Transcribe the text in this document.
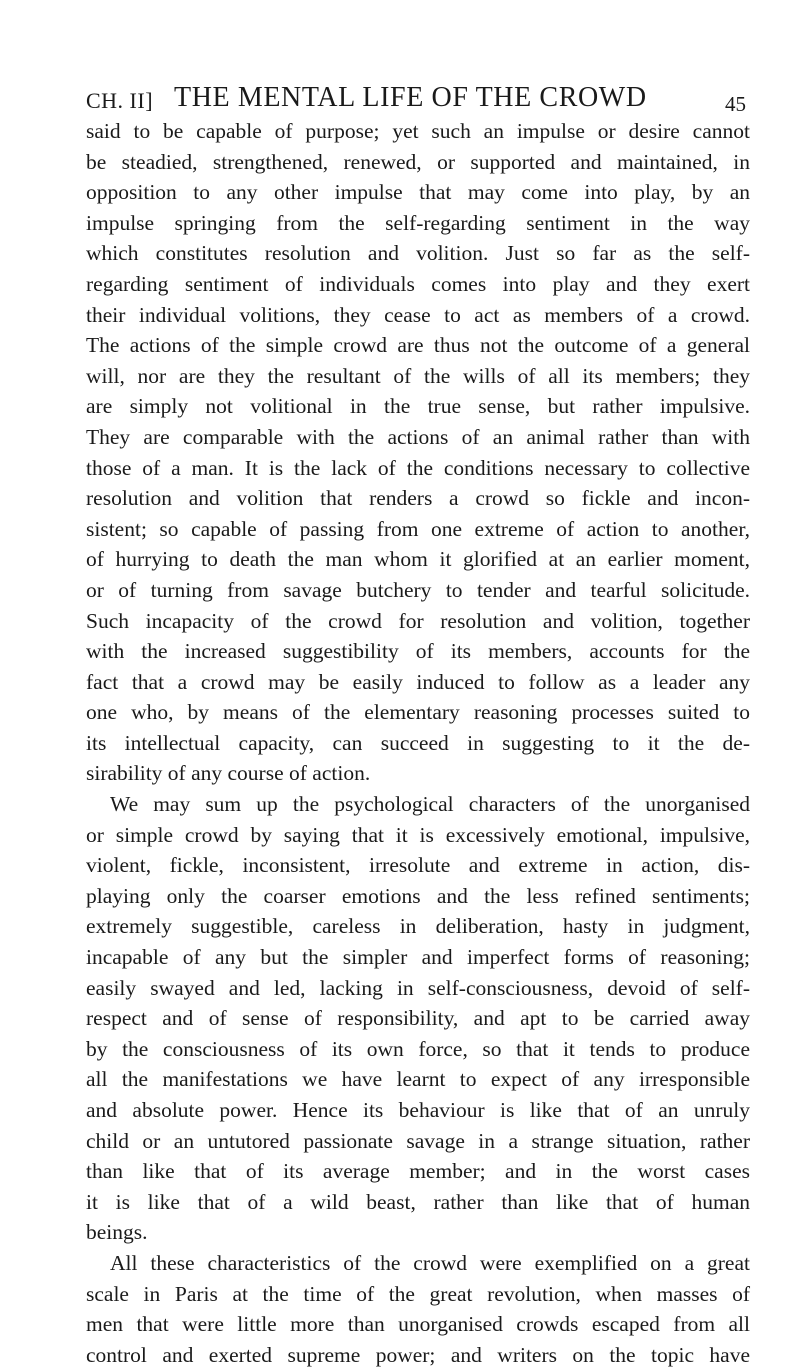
CH. II] THE MENTAL LIFE OF THE CROWD	45
said to be capable of purpose; yet such an impulse or desire cannot
be steadied, strengthened, renewed, or supported and maintained, in
opposition to any other impulse that may come into play, by an
impulse springing from the self-regarding sentiment in the way
which constitutes resolution and volition. Just so far as the self-
regarding sentiment of individuals comes into play and they exert
their individual volitions, they cease to act as members of a crowd.
The actions of the simple crowd are thus not the outcome of a general
will, nor are they the resultant of the wills of all its members; they
are simply not volitional in the true sense, but rather impulsive.
They are comparable with the actions of an animal rather than with
those of a man. It is the lack of the conditions necessary to collective
resolution and volition that renders a crowd so fickle and incon-
sistent; so capable of passing from one extreme of action to another,
of hurrying to death the man whom it glorified at an earlier moment,
or of turning from savage butchery to tender and tearful solicitude.
Such incapacity of the crowd for resolution and volition, together
with the increased suggestibility of its members, accounts for the
fact that a crowd may be easily induced to follow as a leader any
one who, by means of the elementary reasoning processes suited to
its intellectual capacity, can succeed in suggesting to it the de-
sirability of any course of action.
We may sum up the psychological characters of the unorganised
or simple crowd by saying that it is excessively emotional, impulsive,
violent, fickle, inconsistent, irresolute and extreme in action, dis-
playing only the coarser emotions and the less refined sentiments;
extremely suggestible, careless in deliberation, hasty in judgment,
incapable of any but the simpler and imperfect forms of reasoning;
easily swayed and led, lacking in self-consciousness, devoid of self-
respect and of sense of responsibility, and apt to be carried away
by the consciousness of its own force, so that it tends to produce
all the manifestations we have learnt to expect of any irresponsible
and absolute power. Hence its behaviour is like that of an unruly
child or an untutored passionate savage in a strange situation, rather
than like that of its average member; and in the worst cases
it is like that of a wild beast, rather than like that of human
beings.
All these characteristics of the crowd were exemplified on a great
scale in Paris at the time of the great revolution, when masses of
men that were little more than unorganised crowds escaped from all
control and exerted supreme power; and writers on the topic have
